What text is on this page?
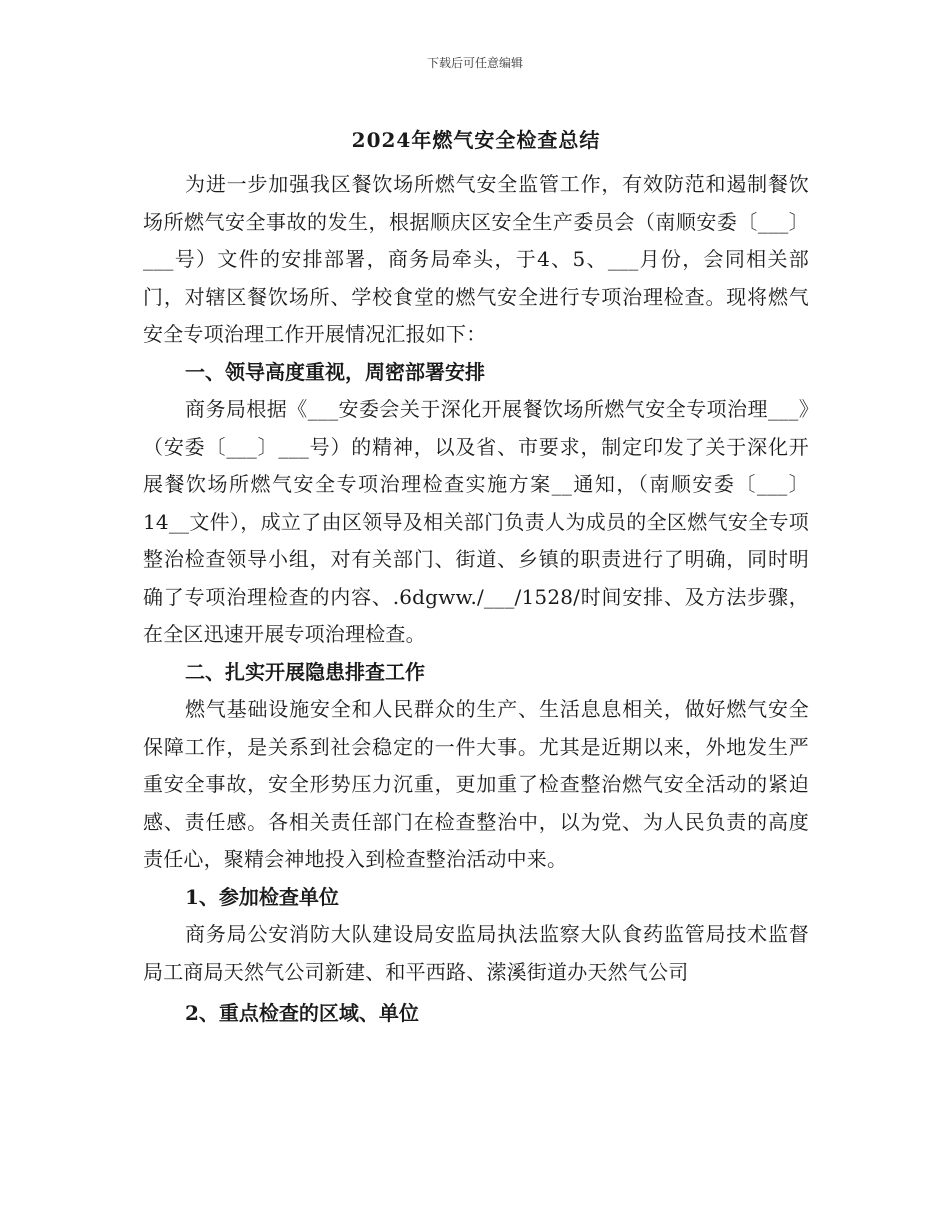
下载后可任意编辑
2024年燃气安全检查总结

为进一步加强我区餐饮场所燃气安全监管工作，有效防范和遏制餐饮场所燃气安全事故的发生，根据顺庆区安全生产委员会（南顺安委〔___〕___号）文件的安排部署，商务局牵头，于4、5、___月份，会同相关部门，对辖区餐饮场所、学校食堂的燃气安全进行专项治理检查。现将燃气安全专项治理工作开展情况汇报如下：

一、领导高度重视，周密部署安排

商务局根据《___安委会关于深化开展餐饮场所燃气安全专项治理___》（安委〔___〕___号）的精神，以及省、市要求，制定印发了关于深化开展餐饮场所燃气安全专项治理检查实施方案__通知，（南顺安委〔___〕14__文件），成立了由区领导及相关部门负责人为成员的全区燃气安全专项整治检查领导小组，对有关部门、街道、乡镇的职责进行了明确，同时明确了专项治理检查的内容、.6dgww./___/1528/时间安排、及方法步骤，在全区迅速开展专项治理检查。

二、扎实开展隐患排查工作

燃气基础设施安全和人民群众的生产、生活息息相关，做好燃气安全保障工作，是关系到社会稳定的一件大事。尤其是近期以来，外地发生严重安全事故，安全形势压力沉重，更加重了检查整治燃气安全活动的紧迫感、责任感。各相关责任部门在检查整治中，以为党、为人民负责的高度责任心，聚精会神地投入到检查整治活动中来。

1、参加检查单位

商务局公安消防大队建设局安监局执法监察大队食药监管局技术监督局工商局天然气公司新建、和平西路、潆溪街道办天然气公司

2、重点检查的区域、单位
